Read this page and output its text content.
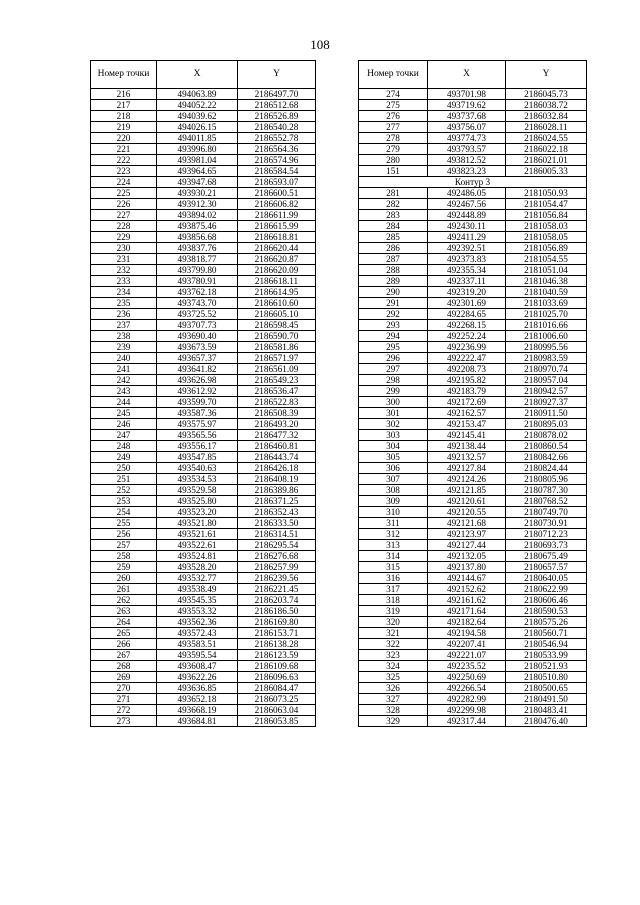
108
Номер точки	X	Y
216	494063.89	2186497.70
217	494052.22	2186512.68
218	494039.62	2186526.89
219	494026.15	2186540.28
220	494011.85	2186552.78
221	493996.80	2186564.36
222	493981.04	2186574.96
223	493964.65	2186584.54
224	493947.68	2186593.07
225	493930.21	2186600.51
226	493912.30	2186606.82
227	493894.02	2186611.99
228	493875.46	2186615.99
229	493856.68	2186618.81
230	493837.76	2186620.44
231	493818.77	2186620.87
232	493799.80	2186620.09
233	493780.91	2186618.11
234	493762.18	2186614.95
235	493743.70	2186610.60
236	493725.52	2186605.10
237	493707.73	2186598.45
238	493690.40	2186590.70
239	493673.59	2186581.86
240	493657.37	2186571.97
241	493641.82	2186561.09
242	493626.98	2186549.23
243	493612.92	2186536.47
244	493599.70	2186522.83
245	493587.36	2186508.39
246	493575.97	2186493.20
247	493565.56	2186477.32
248	493556.17	2186460.81
249	493547.85	2186443.74
250	493540.63	2186426.18
251	493534.53	2186408.19
252	493529.58	2186389.86
253	493525.80	2186371.25
254	493523.20	2186352.43
255	493521.80	2186333.50
256	493521.61	2186314.51
257	493522.61	2186295.54
258	493524.81	2186276.68
259	493528.20	2186257.99
260	493532.77	2186239.56
261	493538.49	2186221.45
262	493545.35	2186203.74
263	493553.32	2186186.50
264	493562.36	2186169.80
265	493572.43	2186153.71
266	493583.51	2186138.28
267	493595.54	2186123.59
268	493608.47	2186109.68
269	493622.26	2186096.63
270	493636.85	2186084.47
271	493652.18	2186073.25
272	493668.19	2186063.04
273	493684.81	2186053.85
Номер точки	X	Y
274	493701.98	2186045.73
275	493719.62	2186038.72
276	493737.68	2186032.84
277	493756.07	2186028.11
278	493774.73	2186024.55
279	493793.57	2186022.18
280	493812.52	2186021.01
151	493823.23	2186005.33
Контур 3		
281	492486.05	2181050.93
282	492467.56	2181054.47
283	492448.89	2181056.84
284	492430.11	2181058.03
285	492411.29	2181058.05
286	492392.51	2181056.89
287	492373.83	2181054.55
288	492355.34	2181051.04
289	492337.11	2181046.38
290	492319.20	2181040.59
291	492301.69	2181033.69
292	492284.65	2181025.70
293	492268.15	2181016.66
294	492252.24	2181006.60
295	492236.99	2180995.56
296	492222.47	2180983.59
297	492208.73	2180970.74
298	492195.82	2180957.04
299	492183.79	2180942.57
300	492172.69	2180927.37
301	492162.57	2180911.50
302	492153.47	2180895.03
303	492145.41	2180878.02
304	492138.44	2180860.54
305	492132.57	2180842.66
306	492127.84	2180824.44
307	492124.26	2180805.96
308	492121.85	2180787.30
309	492120.61	2180768.52
310	492120.55	2180749.70
311	492121.68	2180730.91
312	492123.97	2180712.23
313	492127.44	2180693.73
314	492132.05	2180675.49
315	492137.80	2180657.57
316	492144.67	2180640.05
317	492152.62	2180622.99
318	492161.62	2180606.46
319	492171.64	2180590.53
320	492182.64	2180575.26
321	492194.58	2180560.71
322	492207.41	2180546.94
323	492221.07	2180533.99
324	492235.52	2180521.93
325	492250.69	2180510.80
326	492266.54	2180500.65
327	492282.99	2180491.50
328	492299.98	2180483.41
329	492317.44	2180476.40
